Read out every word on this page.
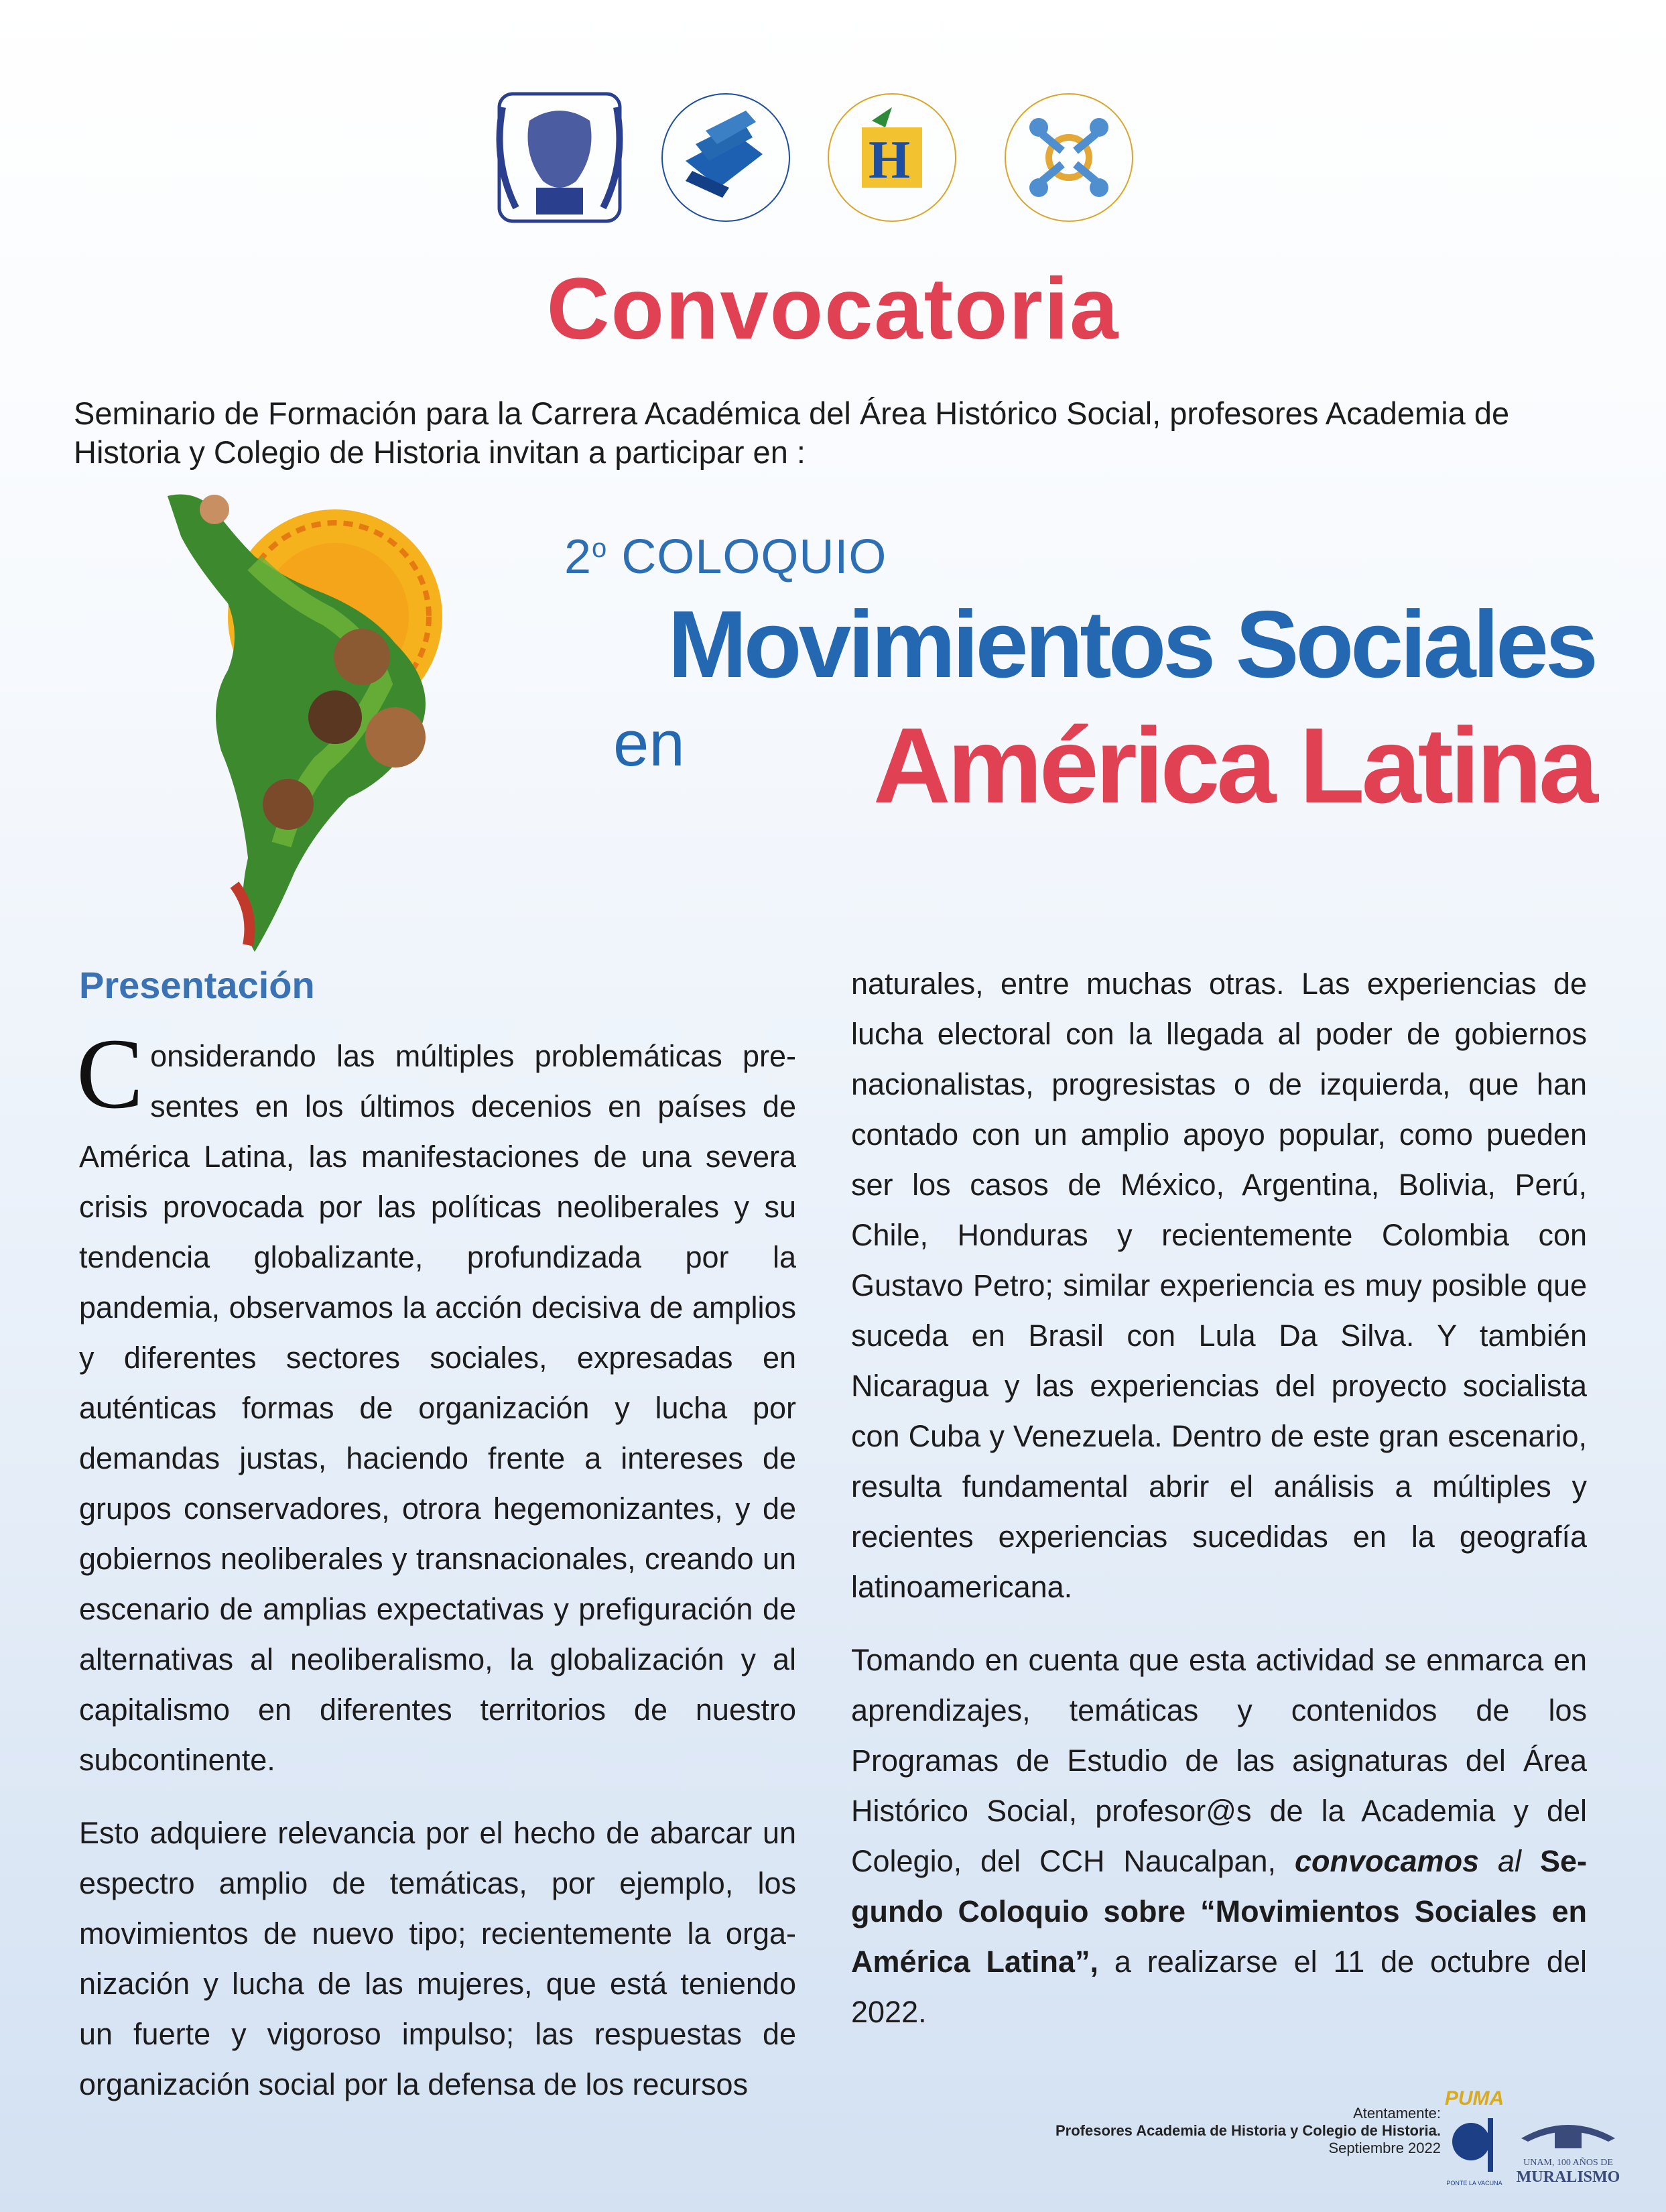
H
Convocatoria
Seminario de Formación para la Carrera Académica del Área Histórico Social, profesores Academia de Historia y Colegio de Historia invitan a participar en :
2$^o$ COLOQUIO
Movimientos Sociales
en	América Latina
Presentación

Considerando las múltiples problemáticas presentes en los últimos decenios en países de América Latina, las manifestaciones de una severa crisis provocada por las políticas neoliberales y su tendencia globalizante, profundizada por la pandemia, observamos la acción decisiva de amplios y diferentes sectores sociales, expresadas en auténticas formas de organización y lucha por demandas justas, haciendo frente a intereses de grupos conservadores, otrora hegemonizantes, y de gobiernos neoliberales y transnacionales, creando un escenario de amplias expectativas y prefiguración de alternativas al neoliberalismo, la globalización y al capitalismo en diferentes territorios de nuestro subcontinente.

Esto adquiere relevancia por el hecho de abarcar un espectro amplio de temáticas, por ejemplo, los movimientos de nuevo tipo; recientemente la organización y lucha de las mujeres, que está teniendo un fuerte y vigoroso impulso; las respuestas de organización social por la defensa de los recursos

naturales, entre muchas otras. Las experiencias de lucha electoral con la llegada al poder de gobiernos nacionalistas, progresistas o de izquierda, que han contado con un amplio apoyo popular, como pueden ser los casos de México, Argentina, Bolivia, Perú, Chile, Honduras y recientemente Colombia con Gustavo Petro; similar experiencia es muy posible que suceda en Brasil con Lula Da Silva. Y también Nicaragua y las experiencias del proyecto socialista con Cuba y Venezuela. Dentro de este gran escenario, resulta fundamental abrir el análisis a múltiples y recientes experiencias sucedidas en la geografía latinoamericana.

Tomando en cuenta que esta actividad se enmarca en aprendizajes, temáticas y contenidos de los Programas de Estudio de las asignaturas del Área Histórico Social, profesor@s de la Academia y del Colegio, del CCH Naucalpan, convocamos al Segundo Coloquio sobre “Movimientos Sociales en América Latina”, a realizarse el 11 de octubre del 2022.

Atentamente:
Profesores Academia de Historia y Colegio de Historia.
Septiembre 2022
PUMA
PONTE LA VACUNA
UNAM, 100 AÑOS DE
MURALISMO
